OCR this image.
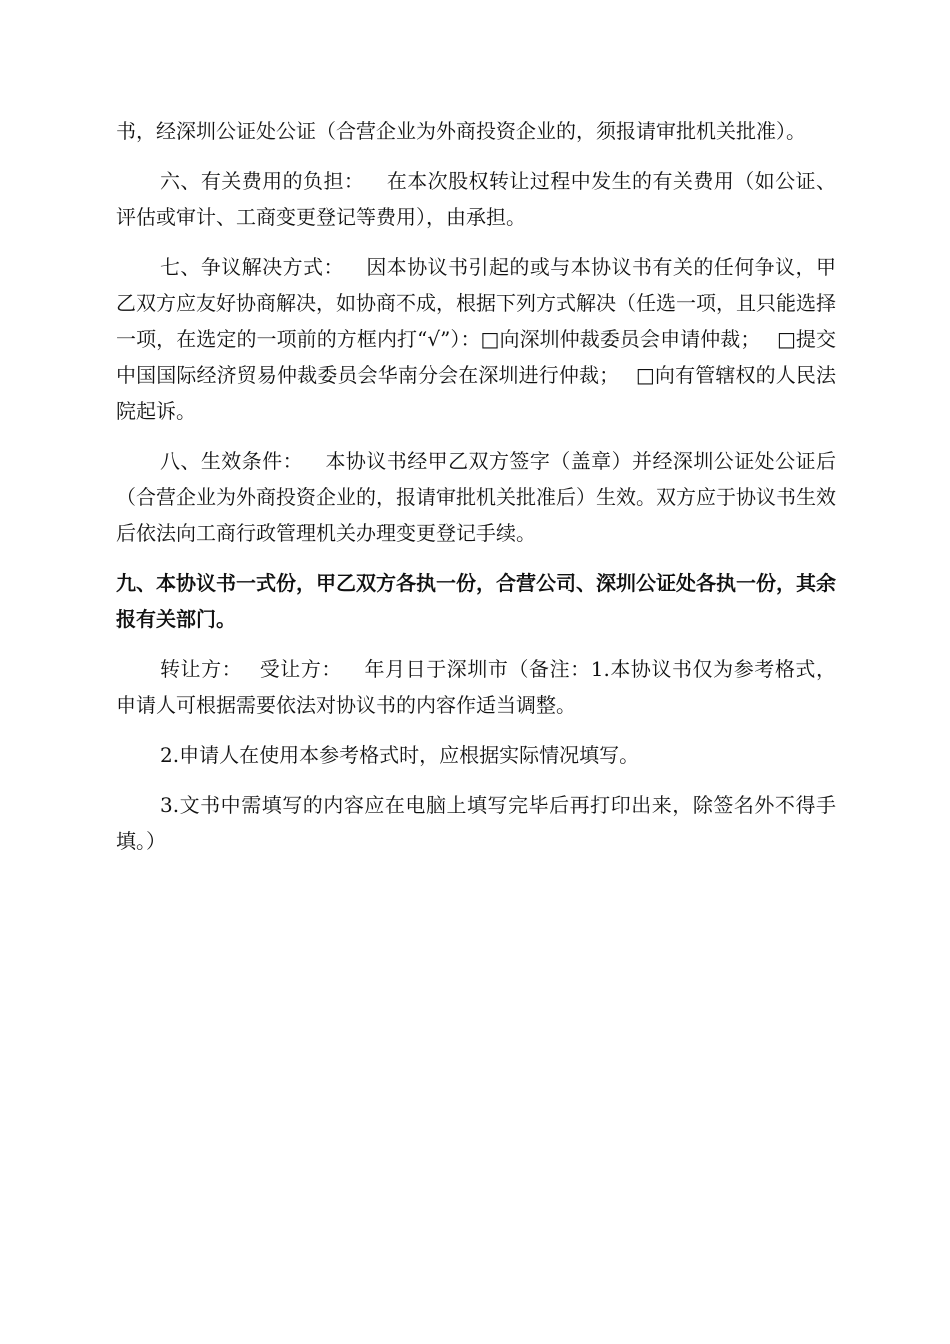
书，经深圳公证处公证（合营企业为外商投资企业的，须报请审批机关批准）。

六、有关费用的负担： 在本次股权转让过程中发生的有关费用（如公证、评估或审计、工商变更登记等费用），由承担。

七、争议解决方式： 因本协议书引起的或与本协议书有关的任何争议，甲乙双方应友好协商解决，如协商不成，根据下列方式解决（任选一项，且只能选择一项，在选定的一项前的方框内打“√”）：□向深圳仲裁委员会申请仲裁；　 □提交中国国际经济贸易仲裁委员会华南分会在深圳进行仲裁；　 □向有管辖权的人民法院起诉。

八、生效条件： 本协议书经甲乙双方签字（盖章）并经深圳公证处公证后（合营企业为外商投资企业的，报请审批机关批准后）生效。双方应于协议书生效后依法向工商行政管理机关办理变更登记手续。

九、本协议书一式份，甲乙双方各执一份，合营公司、深圳公证处各执一份，其余报有关部门。

转让方：　 受让方： 年月日于深圳市（备注：1.本协议书仅为参考格式，申请人可根据需要依法对协议书的内容作适当调整。

2.申请人在使用本参考格式时，应根据实际情况填写。

3.文书中需填写的内容应在电脑上填写完毕后再打印出来，除签名外不得手填。）
